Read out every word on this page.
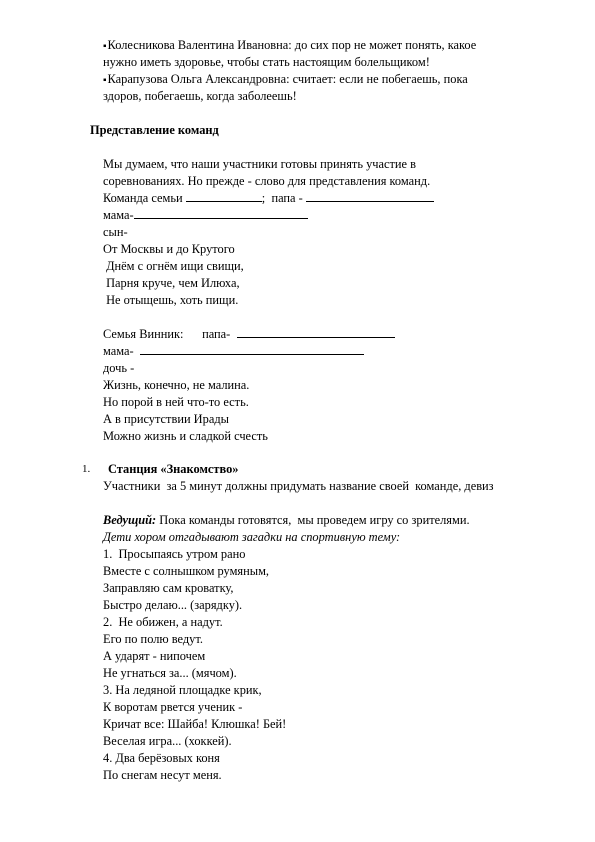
▪Колесникова Валентина Ивановна: до сих пор не может понять, какое
нужно иметь здоровье, чтобы стать настоящим болельщиком!
▪Карапузова Ольга Александровна: считает: если не побегаешь, пока
здоров, побегаешь, когда заболеешь!
Представление команд
Мы думаем, что наши участники готовы принять участие в
соревнованиях. Но прежде - слово для представления команд.
Команда семьи	; папа -
мама-
сын-
От Москвы и до Крутого
Днём с огнём ищи свищи,
Парня круче, чем Илюха,
Не отыщешь, хоть пищи.
Семья Винник: папа-
мама-
дочь -
Жизнь, конечно, не малина.
Но порой в ней что-то есть.
А в присутствии Ирады
Можно жизнь и сладкой счесть
1. Станция «Знакомство»
Участники  за 5 минут должны придумать название своей  команде, девиз
Ведущий: Пока команды готовятся,  мы проведем игру со зрителями.
Дети хором отгадывают загадки на спортивную тему:
1.  Просыпаясь утром рано
Вместе с солнышком румяным,
Заправляю сам кроватку,
Быстро делаю... (зарядку).
2.  Не обижен, а надут.
Его по полю ведут.
А ударят - нипочем
Не угнаться за... (мячом).
3. На ледяной площадке крик,
К воротам рвется ученик -
Кричат все: Шайба! Клюшка! Бей!
Веселая игра... (хоккей).
4. Два берёзовых коня
По снегам несут меня.
